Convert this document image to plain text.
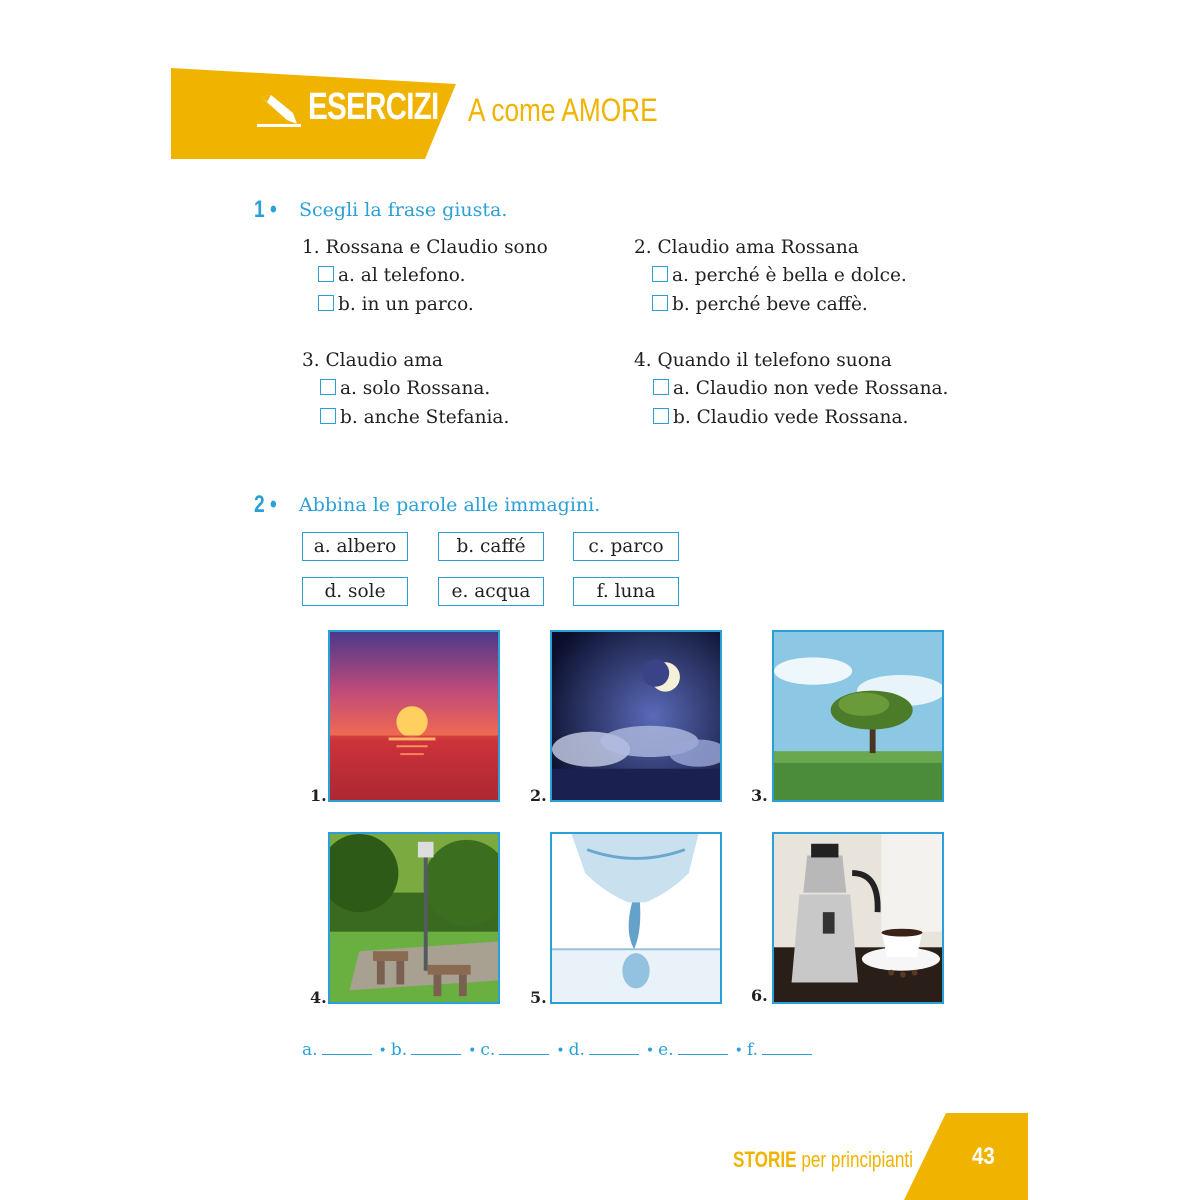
ESERCIZI A come AMORE
1 • Scegli la frase giusta.
1. Rossana e Claudio sono
a. al telefono.
b. in un parco.
2. Claudio ama Rossana
a. perché è bella e dolce.
b. perché beve caffè.
3. Claudio ama
a. solo Rossana.
b. anche Stefania.
4. Quando il telefono suona
a. Claudio non vede Rossana.
b. Claudio vede Rossana.
2 • Abbina le parole alle immagini.
a. albero	b. caffé	c. parco
d. sole	e. acqua	f. luna
1.	2.	3.
4.	5.	6.
a.	• b.	• c.	• d.	• e.	• f.
STORIE per principianti 43
